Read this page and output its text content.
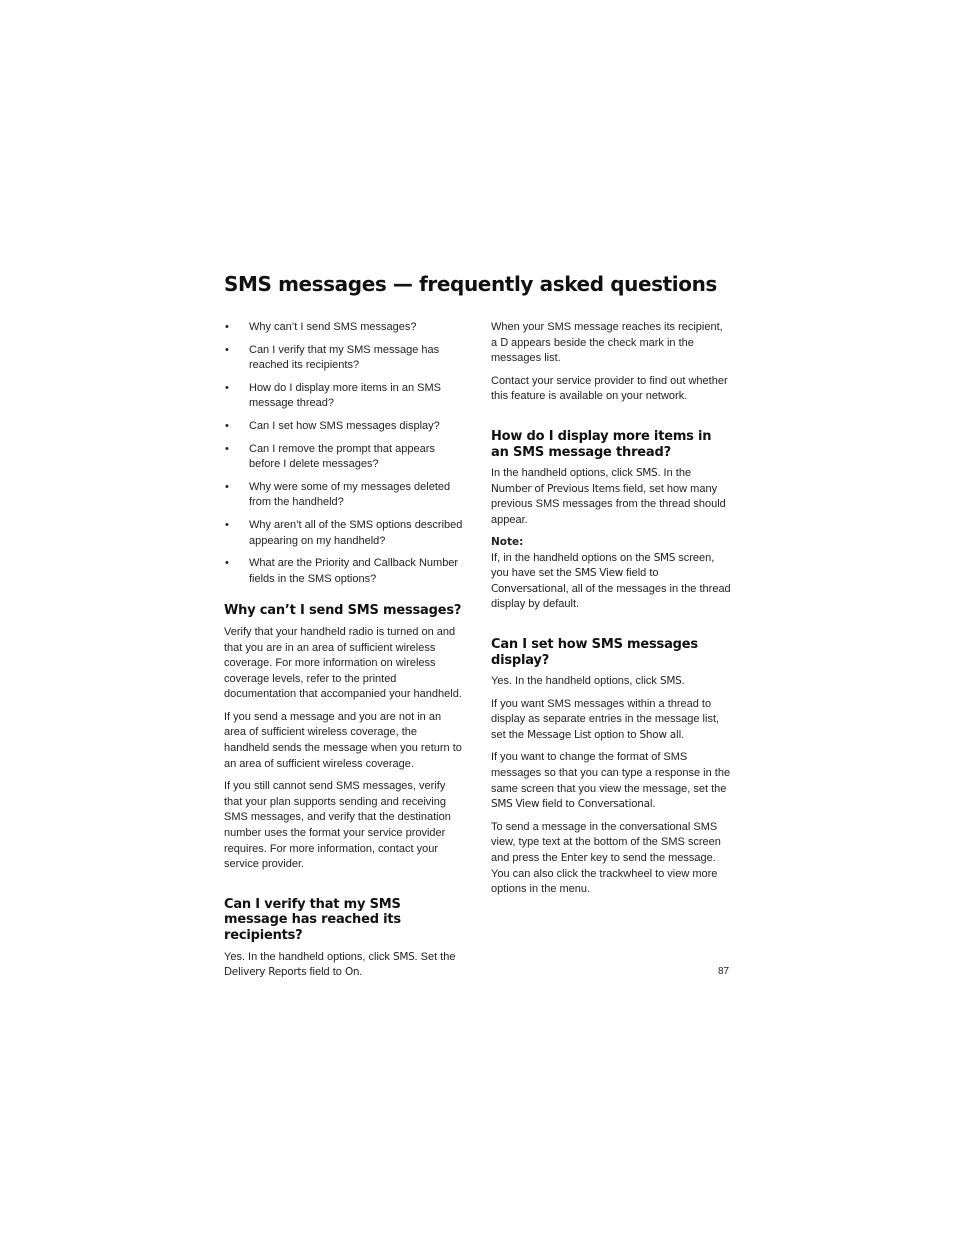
SMS messages — frequently asked questions
• Why can’t I send SMS messages?
• Can I verify that my SMS message has reached its recipients?
• How do I display more items in an SMS message thread?
• Can I set how SMS messages display?
• Can I remove the prompt that appears before I delete messages?
• Why were some of my messages deleted from the handheld?
• Why aren’t all of the SMS options described appearing on my handheld?
• What are the Priority and Callback Number fields in the SMS options?
Why can’t I send SMS messages?

Verify that your handheld radio is turned on and that you are in an area of sufficient wireless coverage. For more information on wireless coverage levels, refer to the printed documentation that accompanied your handheld.

If you send a message and you are not in an area of sufficient wireless coverage, the handheld sends the message when you return to an area of sufficient wireless coverage.

If you still cannot send SMS messages, verify that your plan supports sending and receiving SMS messages, and verify that the destination number uses the format your service provider requires. For more information, contact your service provider.

Can I verify that my SMS message has reached its recipients?

Yes. In the handheld options, click SMS. Set the Delivery Reports field to On.

When your SMS message reaches its recipient, a D appears beside the check mark in the messages list.

Contact your service provider to find out whether this feature is available on your network.

How do I display more items in an SMS message thread?

In the handheld options, click SMS. In the Number of Previous Items field, set how many previous SMS messages from the thread should appear.

Note:

If, in the handheld options on the SMS screen, you have set the SMS View field to Conversational, all of the messages in the thread display by default.

Can I set how SMS messages display?

Yes. In the handheld options, click SMS.

If you want SMS messages within a thread to display as separate entries in the message list, set the Message List option to Show all.

If you want to change the format of SMS messages so that you can type a response in the same screen that you view the message, set the SMS View field to Conversational.

To send a message in the conversational SMS view, type text at the bottom of the SMS screen and press the Enter key to send the message. You can also click the trackwheel to view more options in the menu.

87
